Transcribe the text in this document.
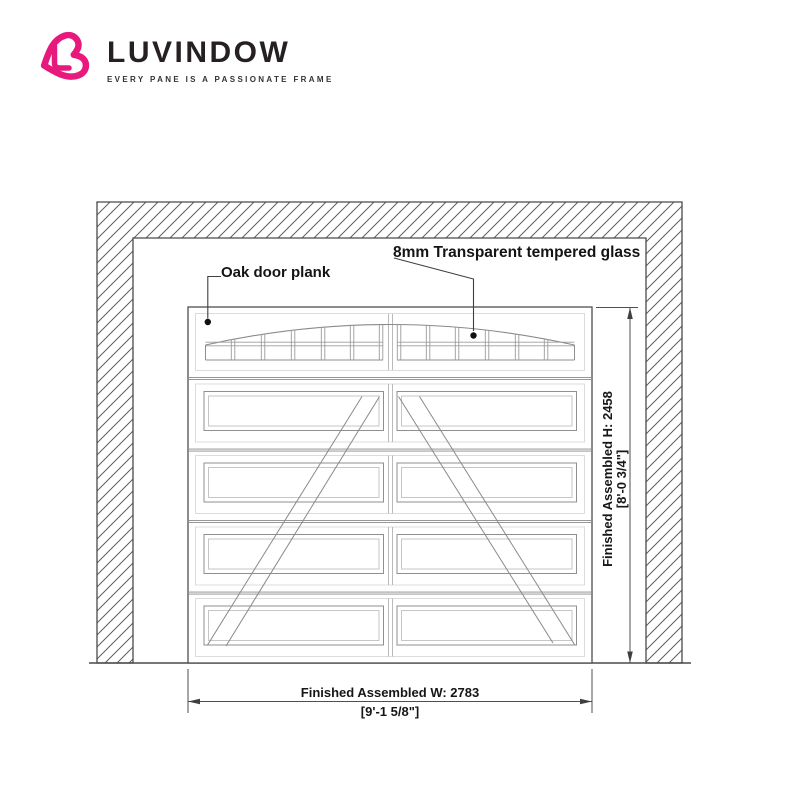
LUVINDOW
EVERY PANE IS A PASSIONATE FRAME
Oak door plank
8mm Transparent tempered glass
Finished Assembled W: 2783
[9'-1 5/8"]
Finished Assembled H: 2458 [8'-0 3/4"]
